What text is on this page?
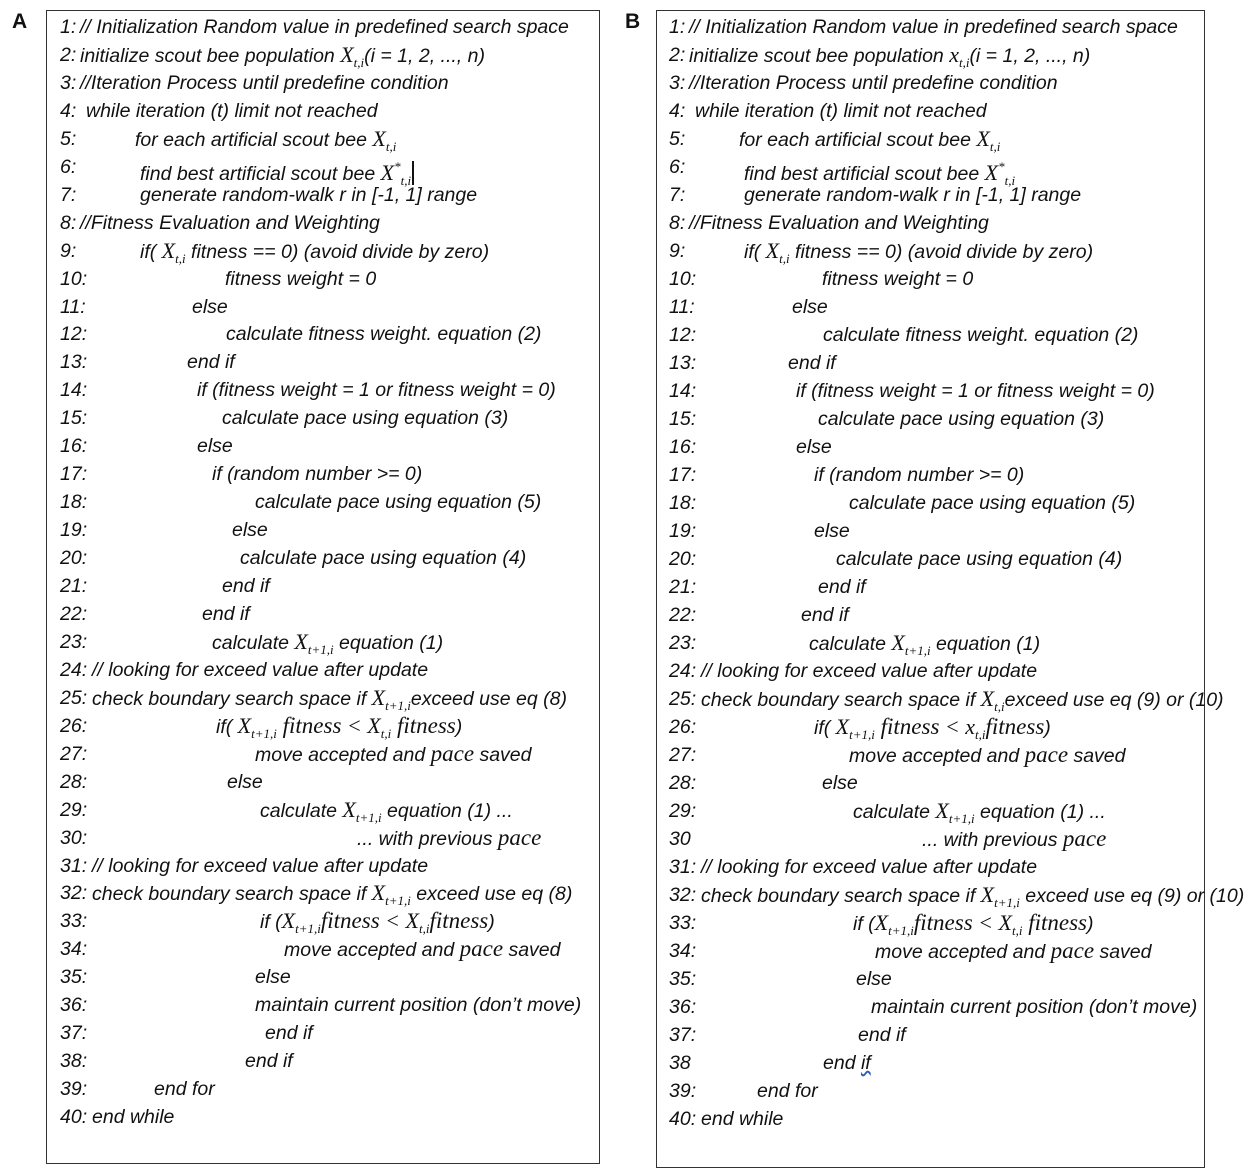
A	B
1: // Initialization Random value in predefined search space
2: initialize scout bee population $X_{t,i}(i = 1$, 2, ..., n)
3: //Iteration Process until predefine condition
4: while iteration (t) limit not reached
5:	for each artificial scout bee $X_{t,i}$
6:	find best artificial scout bee $X^*_{t,i}$
7:	generate random-walk r in [-1, 1] range
8: //Fitness Evaluation and Weighting
9:	if( $X_{t,i}$ fitness == 0) (avoid divide by zero)
10:	fitness weight = 0
11:	else
12:	calculate fitness weight. equation (2)
13:	end if
14:	if (fitness weight = 1 or fitness weight = 0)
15:	calculate pace using equation (3)
16:	else
17:	if (random number >= 0)
18:	calculate pace using equation (5)
19:	else
20:	calculate pace using equation (4)
21:	end if
22:	end if
23:	calculate $X_{t+1,i}$ equation (1)
24: // looking for exceed value after update
25: check boundary search space if $X_{t+1,i}exceed$ use eq (8)
26:	if( $X_{t+1,i}$ fitness < $X_{t,i}$ fitness)
27:	move accepted and pace saved
28:	else
29:	calculate $X_{t+1,i}$ equation (1) ...
30:	... with previous pace
31: // looking for exceed value after update
32: check boundary search space if $X_{t+1,i}$ exceed use eq (8)
33:	if ($X_{t+1,i}fitness$ < $X_{t,i}fitness$)
34:	move accepted and pace saved
35:	else
36:	maintain current position (don’t move)
37:	end if
38:	end if
39:	end for
40: end while
1: // Initialization Random value in predefined search space
2: initialize scout bee population $x_{t,i}(i = 1$, 2, ..., n)
3: //Iteration Process until predefine condition
4: while iteration (t) limit not reached
5:	for each artificial scout bee $X_{t,i}$
6:	find best artificial scout bee $X^*_{t,i}$
7:	generate random-walk r in [-1, 1] range
8: //Fitness Evaluation and Weighting
9:	if( $X_{t,i}$ fitness == 0) (avoid divide by zero)
10:	fitness weight = 0
11:	else
12:	calculate fitness weight. equation (2)
13:	end if
14:	if (fitness weight = 1 or fitness weight = 0)
15:	calculate pace using equation (3)
16:	else
17:	if (random number >= 0)
18:	calculate pace using equation (5)
19:	else
20:	calculate pace using equation (4)
21:	end if
22:	end if
23:	calculate $X_{t+1,i}$ equation (1)
24: // looking for exceed value after update
25: check boundary search space if $X_{t,i}exceed$ use eq (9) or (10)
26:	if( $X_{t+1,i}$ fitness < $x_{t,i}fitness$)
27:	move accepted and pace saved
28:	else
29:	calculate $X_{t+1,i}$ equation (1) ...
30	... with previous pace
31: // looking for exceed value after update
32: check boundary search space if $X_{t+1,i}$ exceed use eq (9) or (10)
33:	if ($X_{t+1,i}fitness < X_{t,i}$ fitness)
34:	move accepted and pace saved
35:	else
36:	maintain current position (don’t move)
37:	end if
38	end if
39:	end for
40: end while
